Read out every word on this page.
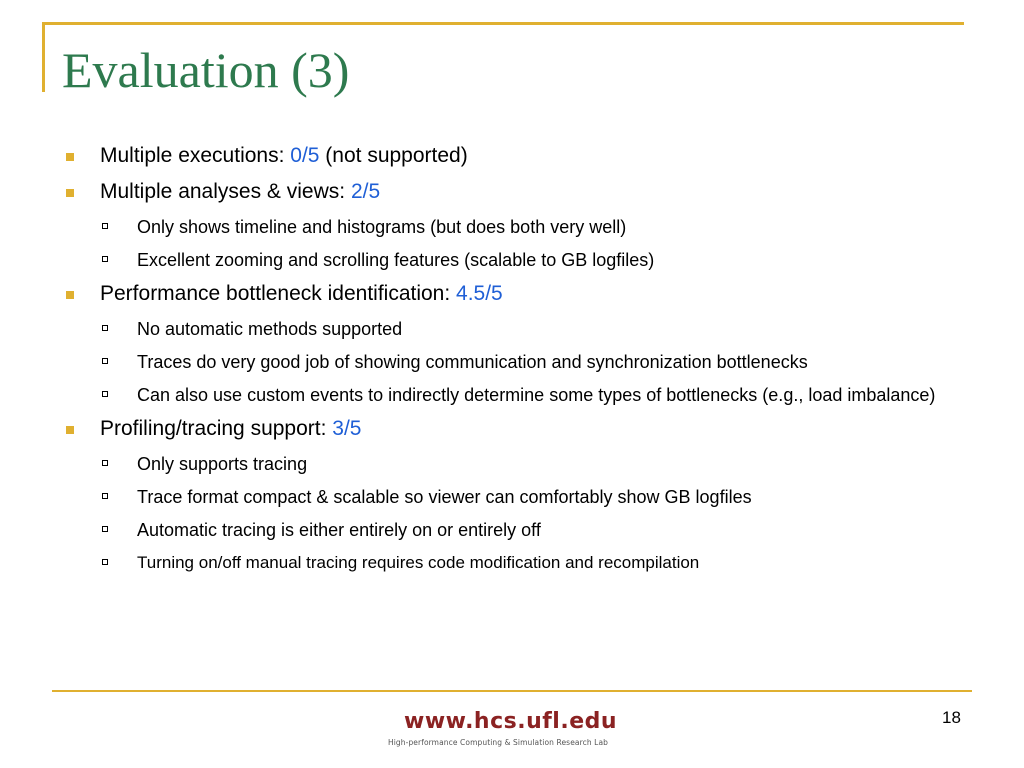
Evaluation (3)
Multiple executions: 0/5 (not supported)
Multiple analyses & views: 2/5
Only shows timeline and histograms (but does both very well)
Excellent zooming and scrolling features (scalable to GB logfiles)
Performance bottleneck identification: 4.5/5
No automatic methods supported
Traces do very good job of showing communication and synchronization bottlenecks
Can also use custom events to indirectly determine some types of bottlenecks (e.g., load imbalance)
Profiling/tracing support: 3/5
Only supports tracing
Trace format compact & scalable so viewer can comfortably show GB logfiles
Automatic tracing is either entirely on or entirely off
Turning on/off manual tracing requires code modification and recompilation
www.hcs.ufl.edu
High-performance Computing & Simulation Research Lab
18
